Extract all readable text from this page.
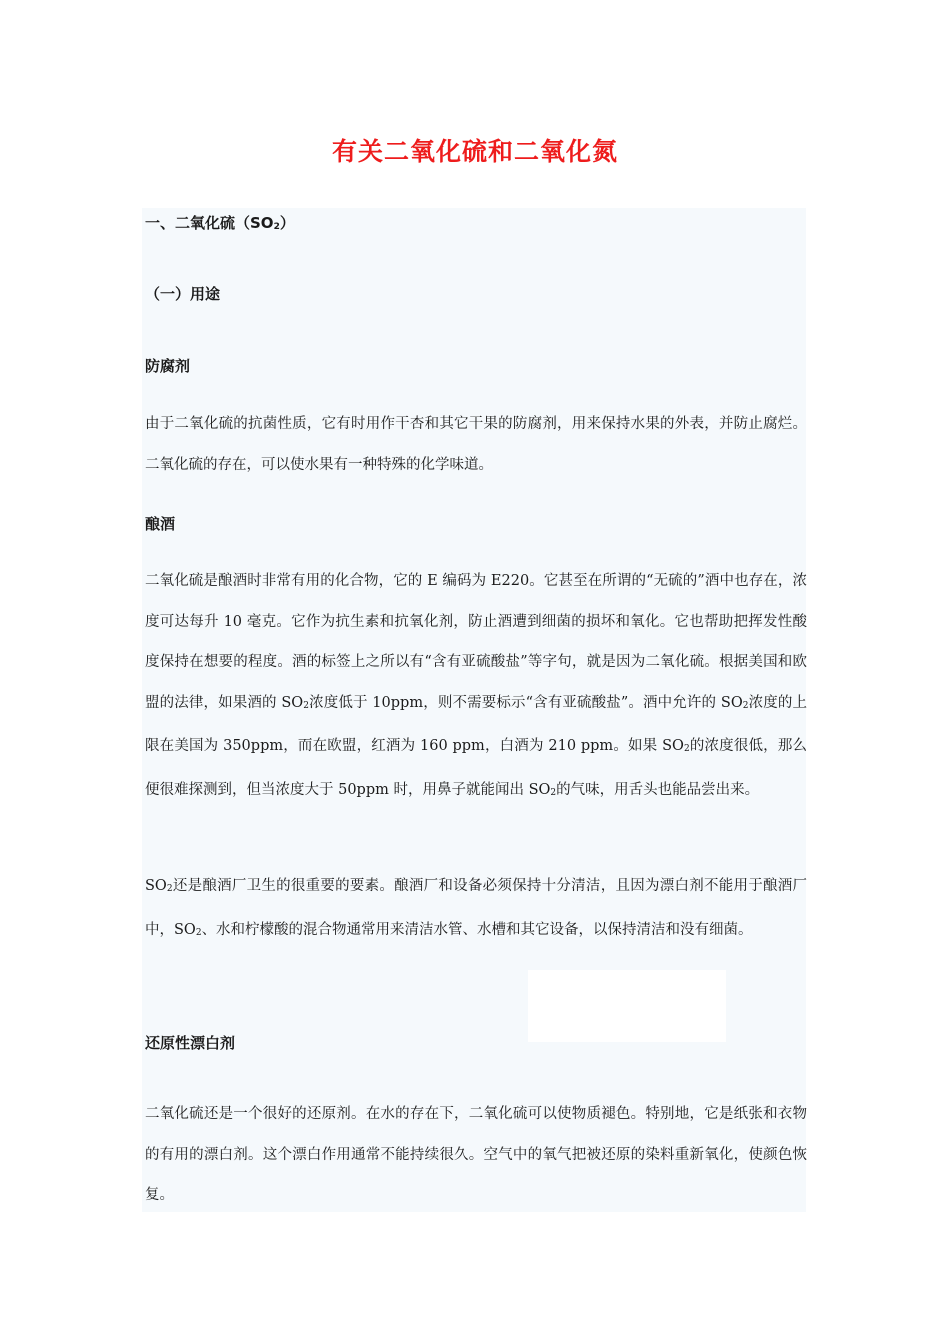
有关二氧化硫和二氧化氮
一、二氧化硫$(SO_2)$
（一）用途
防腐剂
由于二氧化硫的抗菌性质，它有时用作干杏和其它干果的防腐剂，用来保持水果的外表，并防止腐烂。二氧化硫的存在，可以使水果有一种特殊的化学味道。
酿酒
二氧化硫是酿酒时非常有用的化合物，它的 E 编码为 E220。它甚至在所谓的“无硫的”酒中也存在，浓度可达每升 10 毫克。它作为抗生素和抗氧化剂，防止酒遭到细菌的损坏和氧化。它也帮助把挥发性酸度保持在想要的程度。酒的标签上之所以有“含有亚硫酸盐”等字句，就是因为二氧化硫。根据美国和欧盟的法律，如果酒的 $SO_2$浓度低于 10ppm，则不需要标示“含有亚硫酸盐”。酒中允许的 $SO_2$浓度的上限在美国为 350ppm，而在欧盟，红酒为 160 ppm，白酒为 210 ppm。如果 $SO_2$的浓度很低，那么便很难探测到，但当浓度大于 50ppm 时，用鼻子就能闻出 $SO_2$的气味，用舌头也能品尝出来。
$SO_2$还是酿酒厂卫生的很重要的要素。酿酒厂和设备必须保持十分清洁，且因为漂白剂不能用于酿酒厂中，$SO_2$、水和柠檬酸的混合物通常用来清洁水管、水槽和其它设备，以保持清洁和没有细菌。
还原性漂白剂
二氧化硫还是一个很好的还原剂。在水的存在下，二氧化硫可以使物质褪色。特别地，它是纸张和衣物的有用的漂白剂。这个漂白作用通常不能持续很久。空气中的氧气把被还原的染料重新氧化，使颜色恢复。
